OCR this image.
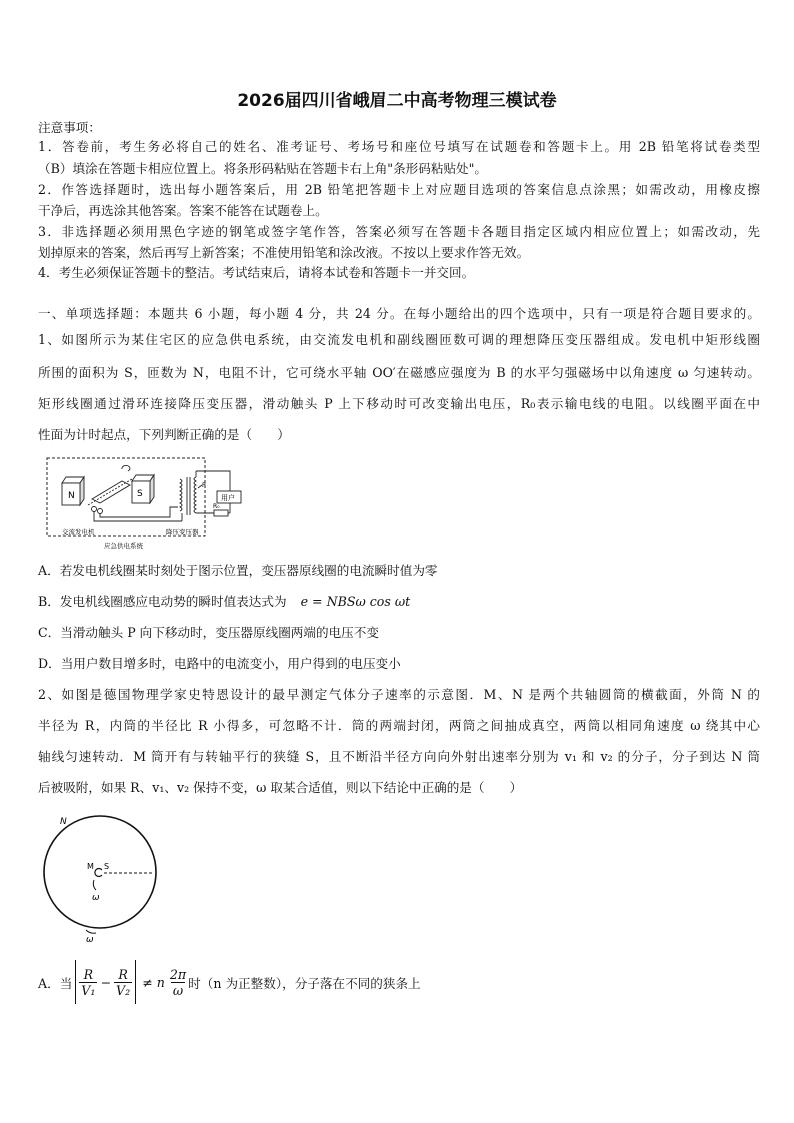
2026届四川省峨眉二中高考物理三模试卷
注意事项：
1．答卷前，考生务必将自己的姓名、准考证号、考场号和座位号填写在试题卷和答题卡上。用 2B 铅笔将试卷类型
（B）填涂在答题卡相应位置上。将条形码粘贴在答题卡右上角"条形码粘贴处"。
2．作答选择题时，选出每小题答案后，用 2B 铅笔把答题卡上对应题目选项的答案信息点涂黑；如需改动，用橡皮擦
干净后，再选涂其他答案。答案不能答在试题卷上。
3．非选择题必须用黑色字迹的钢笔或签字笔作答，答案必须写在答题卡各题目指定区域内相应位置上；如需改动，先
划掉原来的答案，然后再写上新答案；不准使用铅笔和涂改液。不按以上要求作答无效。
4．考生必须保证答题卡的整洁。考试结束后，请将本试卷和答题卡一并交回。
一、单项选择题：本题共 6 小题，每小题 4 分，共 24 分。在每小题给出的四个选项中，只有一项是符合题目要求的。
1、如图所示为某住宅区的应急供电系统，由交流发电机和副线圈匝数可调的理想降压变压器组成。发电机中矩形线圈
所围的面积为 S，匝数为 N，电阻不计，它可绕水平轴 OO′在磁感应强度为 B 的水平匀强磁场中以角速度 ω 匀速转动。
矩形线圈通过滑环连接降压变压器，滑动触头 P 上下移动时可改变输出电压，R₀表示输电线的电阻。以线圈平面在中
性面为计时起点，下列判断正确的是（　　）
N	S
P
用户
R₀
交流发电机	降压变压器
应急供电系统
A．若发电机线圈某时刻处于图示位置，变压器原线圈的电流瞬时值为零
B．发电机线圈感应电动势的瞬时值表达式为 e = NBSω cos ωt
C．当滑动触头 P 向下移动时，变压器原线圈两端的电压不变
D．当用户数目增多时，电路中的电流变小，用户得到的电压变小
2、如图是德国物理学家史特恩设计的最早测定气体分子速率的示意图．M、N 是两个共轴圆筒的横截面，外筒 N 的
半径为 R，内筒的半径比 R 小得多，可忽略不计．筒的两端封闭，两筒之间抽成真空，两筒以相同角速度 ω 绕其中心
轴线匀速转动．M 筒开有与转轴平行的狭缝 S，且不断沿半径方向向外射出速率分别为 v₁ 和 v₂ 的分子，分子到达 N 筒
后被吸附，如果 R、v₁、v₂ 保持不变，ω 取某合适值，则以下结论中正确的是（　　）
N
M S
ω
ω
A． 当 $\frac{R}{\text{V₁}} - \frac{R}{\text{V₂}} \ne n \frac{2\pi}{\omega}$ 时（n 为正整数），分子落在不同的狭条上
